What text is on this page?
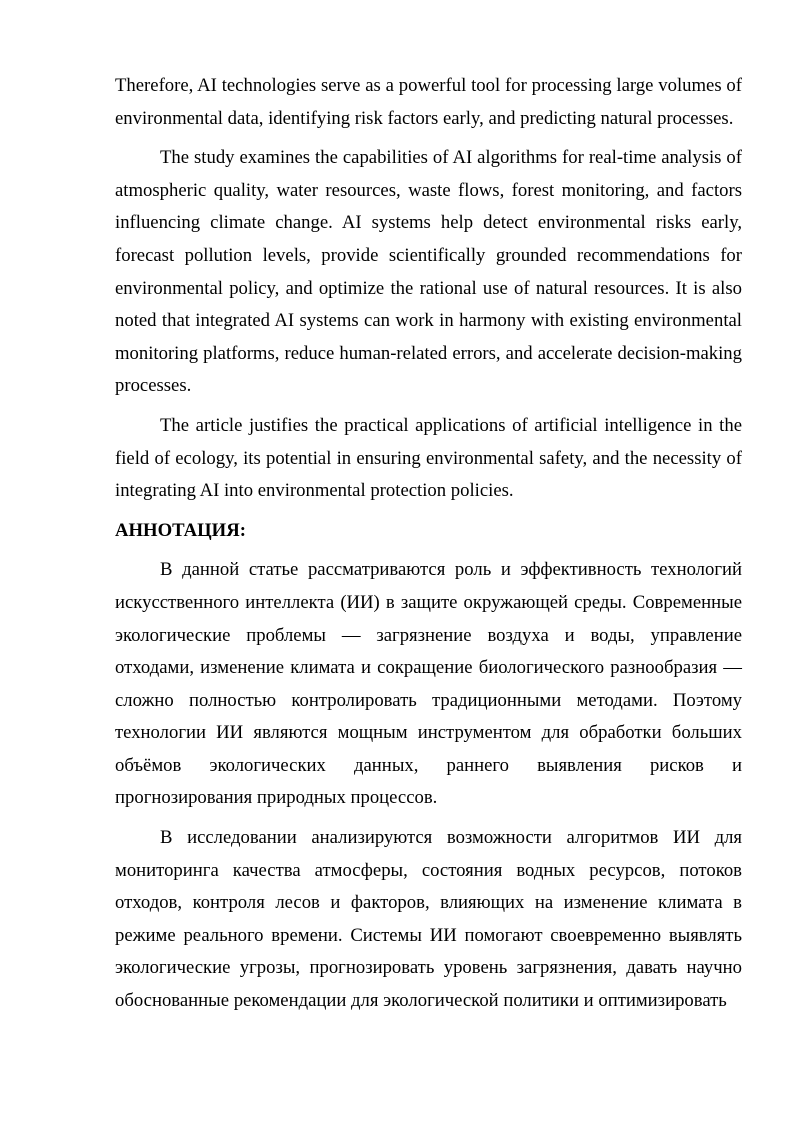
Therefore, AI technologies serve as a powerful tool for processing large volumes of environmental data, identifying risk factors early, and predicting natural processes.

The study examines the capabilities of AI algorithms for real-time analysis of atmospheric quality, water resources, waste flows, forest monitoring, and factors influencing climate change. AI systems help detect environmental risks early, forecast pollution levels, provide scientifically grounded recommendations for environmental policy, and optimize the rational use of natural resources. It is also noted that integrated AI systems can work in harmony with existing environmental monitoring platforms, reduce human-related errors, and accelerate decision-making processes.

The article justifies the practical applications of artificial intelligence in the field of ecology, its potential in ensuring environmental safety, and the necessity of integrating AI into environmental protection policies.

АННОТАЦИЯ:

В данной статье рассматриваются роль и эффективность технологий искусственного интеллекта (ИИ) в защите окружающей среды. Современные экологические проблемы — загрязнение воздуха и воды, управление отходами, изменение климата и сокращение биологического разнообразия — сложно полностью контролировать традиционными методами. Поэтому технологии ИИ являются мощным инструментом для обработки больших объёмов экологических данных, раннего выявления рисков и прогнозирования природных процессов.

В исследовании анализируются возможности алгоритмов ИИ для мониторинга качества атмосферы, состояния водных ресурсов, потоков отходов, контроля лесов и факторов, влияющих на изменение климата в режиме реального времени. Системы ИИ помогают своевременно выявлять экологические угрозы, прогнозировать уровень загрязнения, давать научно обоснованные рекомендации для экологической политики и оптимизировать
